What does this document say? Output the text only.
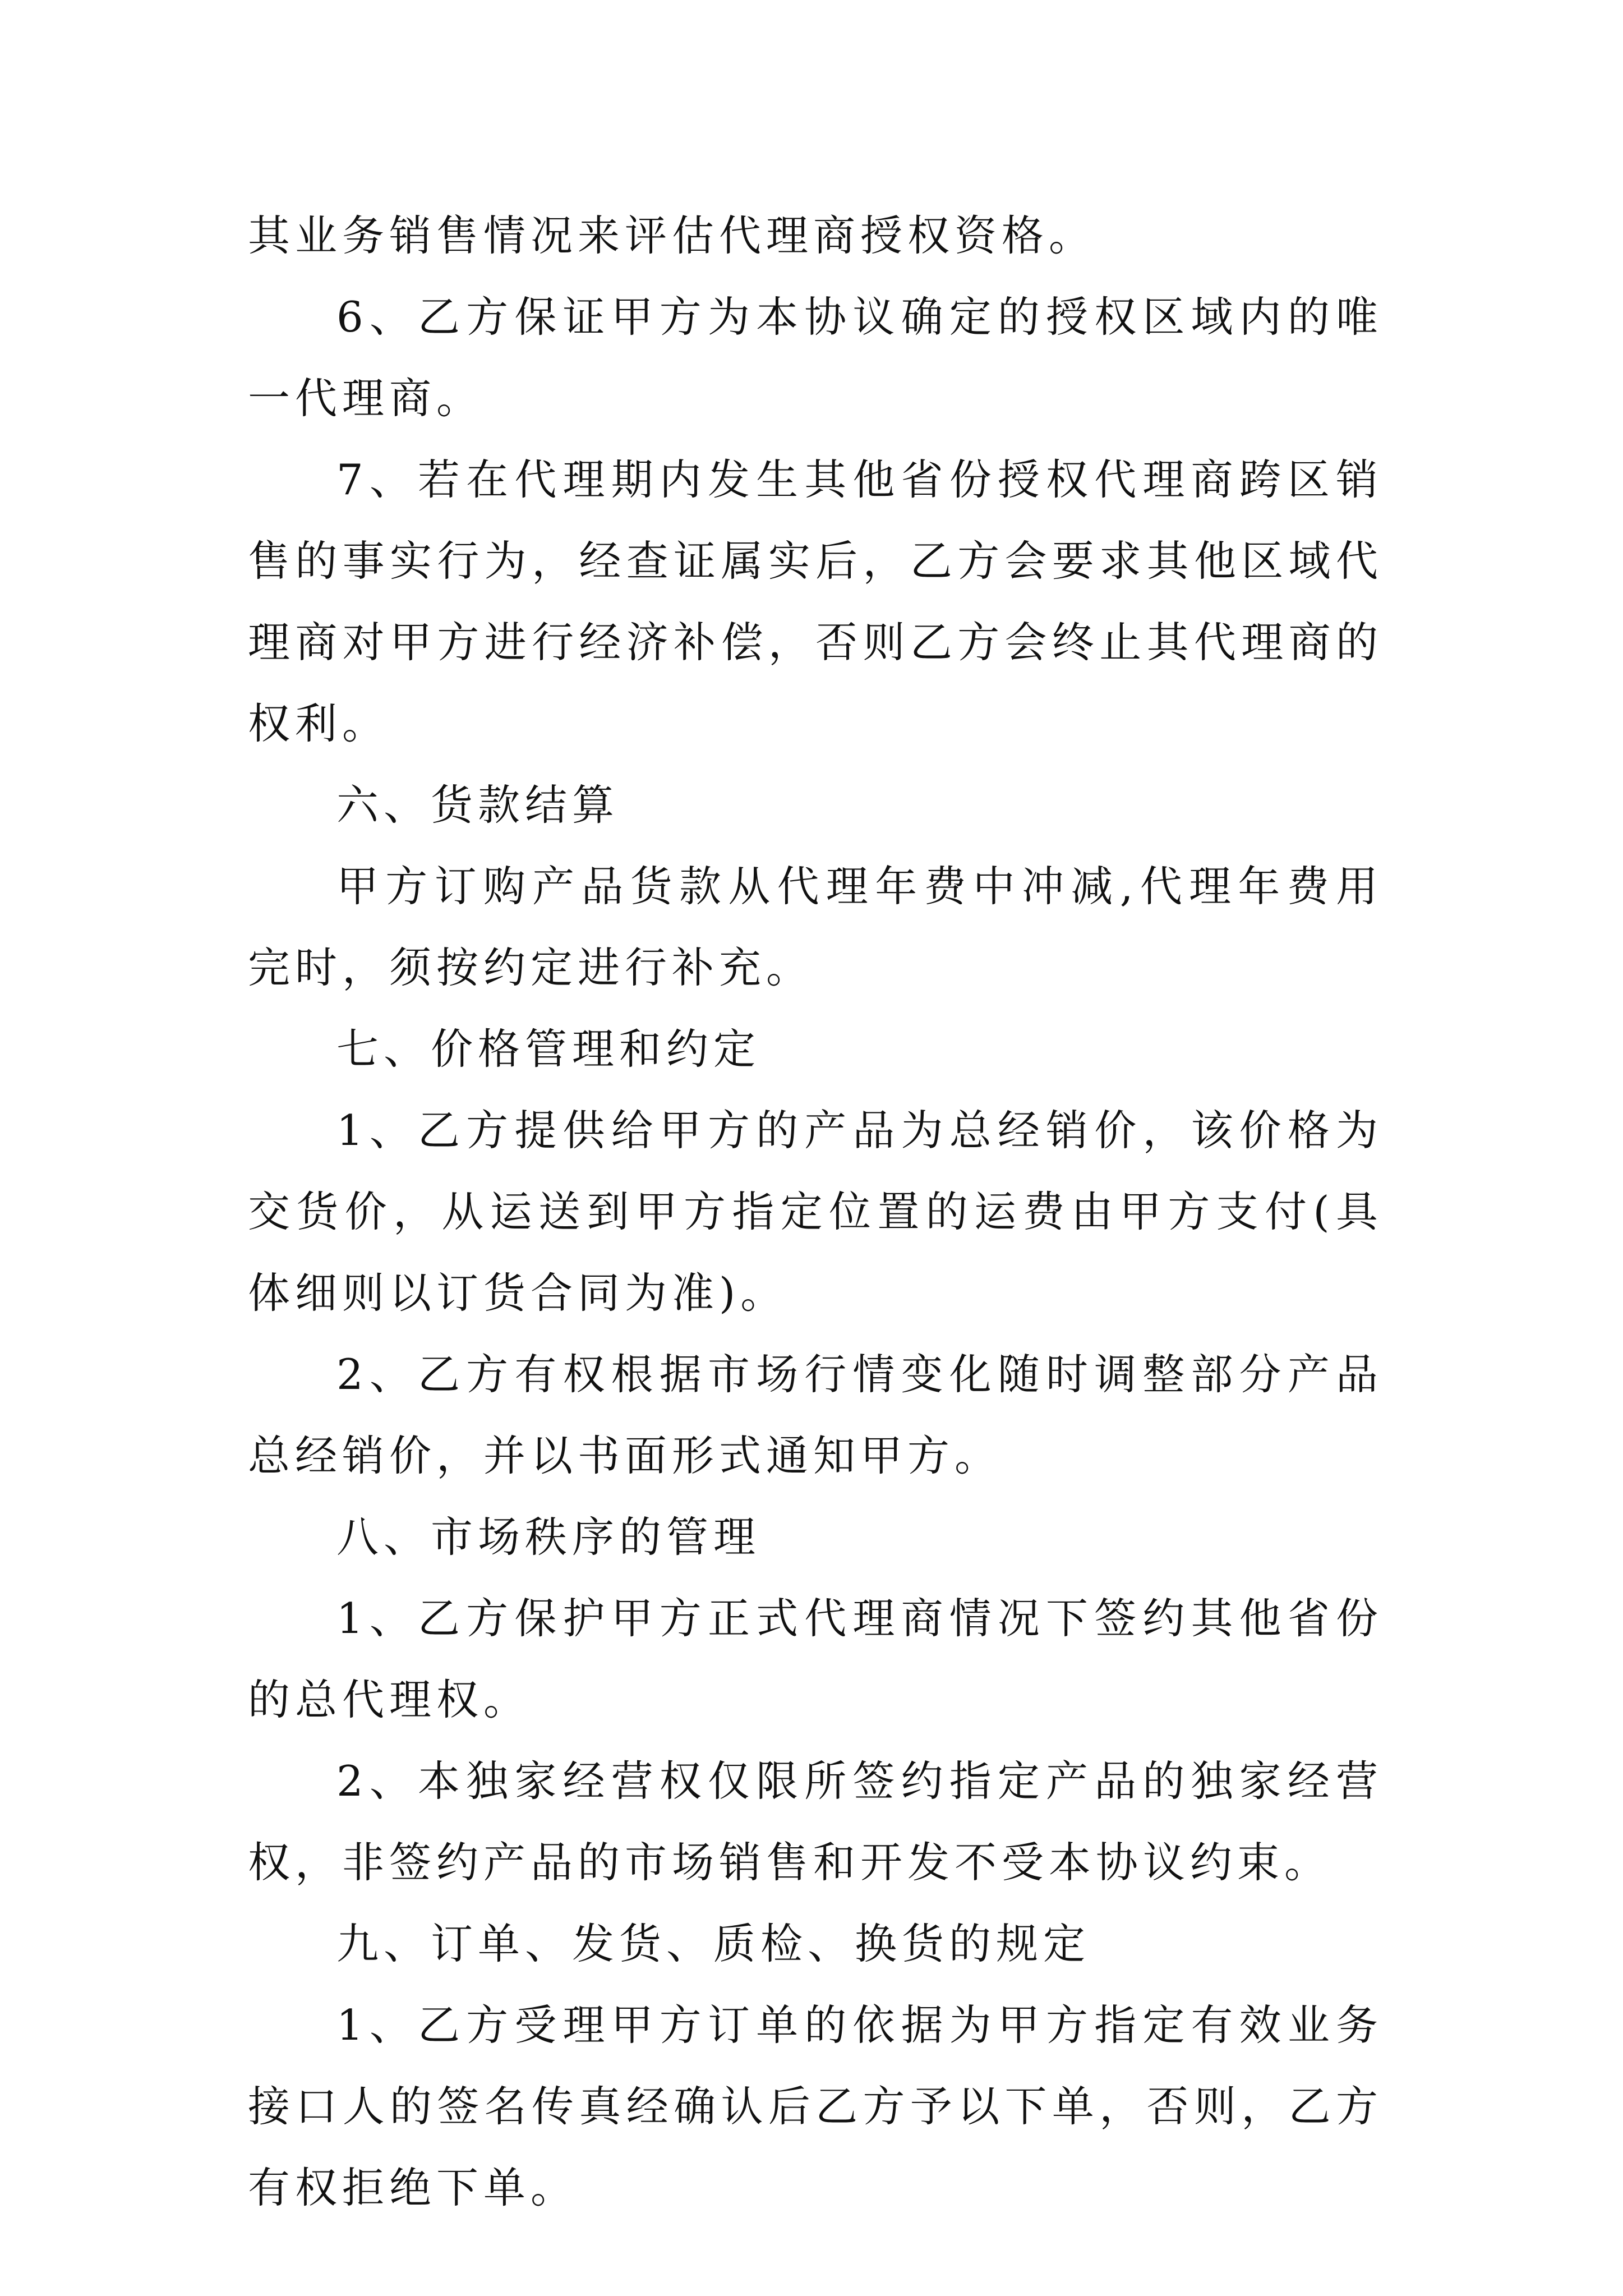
其业务销售情况来评估代理商授权资格。

6、乙方保证甲方为本协议确定的授权区域内的唯一代理商。

7、若在代理期内发生其他省份授权代理商跨区销售的事实行为，经查证属实后，乙方会要求其他区域代理商对甲方进行经济补偿，否则乙方会终止其代理商的权利。

六、货款结算

甲方订购产品货款从代理年费中冲减,代理年费用完时，须按约定进行补充。

七、价格管理和约定

1、乙方提供给甲方的产品为总经销价，该价格为交货价，从运送到甲方指定位置的运费由甲方支付(具体细则以订货合同为准)。

2、乙方有权根据市场行情变化随时调整部分产品总经销价，并以书面形式通知甲方。

八、市场秩序的管理

1、乙方保护甲方正式代理商情况下签约其他省份的总代理权。

2、本独家经营权仅限所签约指定产品的独家经营权，非签约产品的市场销售和开发不受本协议约束。

九、订单、发货、质检、换货的规定

1、乙方受理甲方订单的依据为甲方指定有效业务接口人的签名传真经确认后乙方予以下单，否则，乙方有权拒绝下单。
